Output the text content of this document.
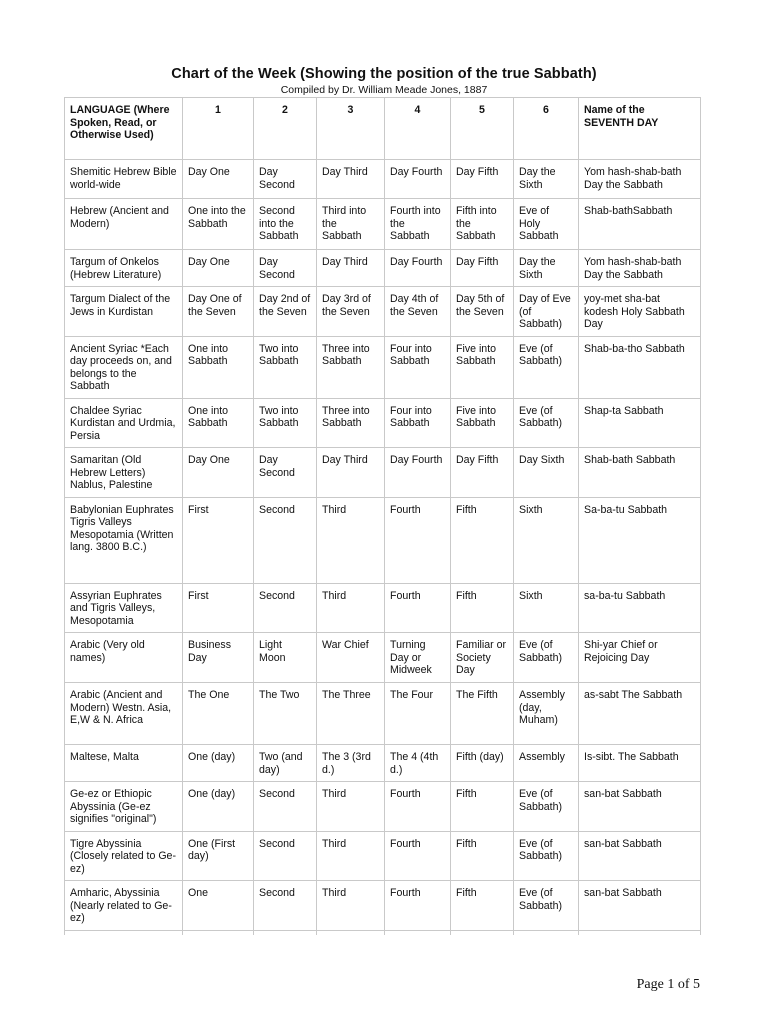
Chart of the Week (Showing the position of the true Sabbath)
Compiled by Dr. William Meade Jones, 1887
LANGUAGE (Where Spoken, Read, or Otherwise Used)	1	2	3	4	5	6	Name of the SEVENTH DAY
Shemitic Hebrew Bible world-wide	Day One	Day Second	Day Third	Day Fourth	Day Fifth	Day the Sixth	Yom hash-shab-bath Day the Sabbath
Hebrew (Ancient and Modern)	One into the Sabbath	Second into the Sabbath	Third into the Sabbath	Fourth into the Sabbath	Fifth into the Sabbath	Eve of Holy Sabbath	Shab-bathSabbath
Targum of Onkelos (Hebrew Literature)	Day One	Day Second	Day Third	Day Fourth	Day Fifth	Day the Sixth	Yom hash-shab-bath Day the Sabbath
Targum Dialect of the Jews in Kurdistan	Day One of the Seven	Day 2nd of the Seven	Day 3rd of the Seven	Day 4th of the Seven	Day 5th of the Seven	Day of Eve (of Sabbath)	yoy-met sha-bat kodesh Holy Sabbath Day
Ancient Syriac *Each day proceeds on, and belongs to the Sabbath	One into Sabbath	Two into Sabbath	Three into Sabbath	Four into Sabbath	Five into Sabbath	Eve (of Sabbath)	Shab-ba-tho Sabbath
Chaldee Syriac Kurdistan and Urdmia, Persia	One into Sabbath	Two into Sabbath	Three into Sabbath	Four into Sabbath	Five into Sabbath	Eve (of Sabbath)	Shap-ta Sabbath
Samaritan (Old Hebrew Letters) Nablus, Palestine	Day One	Day Second	Day Third	Day Fourth	Day Fifth	Day Sixth	Shab-bath Sabbath
Babylonian Euphrates Tigris Valleys Mesopotamia (Written lang. 3800 B.C.)	First	Second	Third	Fourth	Fifth	Sixth	Sa-ba-tu Sabbath
Assyrian Euphrates and Tigris Valleys, Mesopotamia	First	Second	Third	Fourth	Fifth	Sixth	sa-ba-tu Sabbath
Arabic (Very old names)	Business Day	Light Moon	War Chief	Turning Day or Midweek	Familiar or Society Day	Eve (of Sabbath)	Shi-yar Chief or Rejoicing Day
Arabic (Ancient and Modern) Westn. Asia, E,W & N. Africa	The One	The Two	The Three	The Four	The Fifth	Assembly (day, Muham)	as-sabt The Sabbath
Maltese, Malta	One (day)	Two (and day)	The 3 (3rd d.)	The 4 (4th d.)	Fifth (day)	Assembly	Is-sibt. The Sabbath
Ge-ez or Ethiopic Abyssinia (Ge-ez signifies "original")	One (day)	Second	Third	Fourth	Fifth	Eve (of Sabbath)	san-bat Sabbath
Tigre Abyssinia (Closely related to Ge-ez)	One (First day)	Second	Third	Fourth	Fifth	Eve (of Sabbath)	san-bat Sabbath
Amharic, Abyssinia (Nearly related to Ge-ez)	One	Second	Third	Fourth	Fifth	Eve (of Sabbath)	san-bat Sabbath

Page 1 of 5
